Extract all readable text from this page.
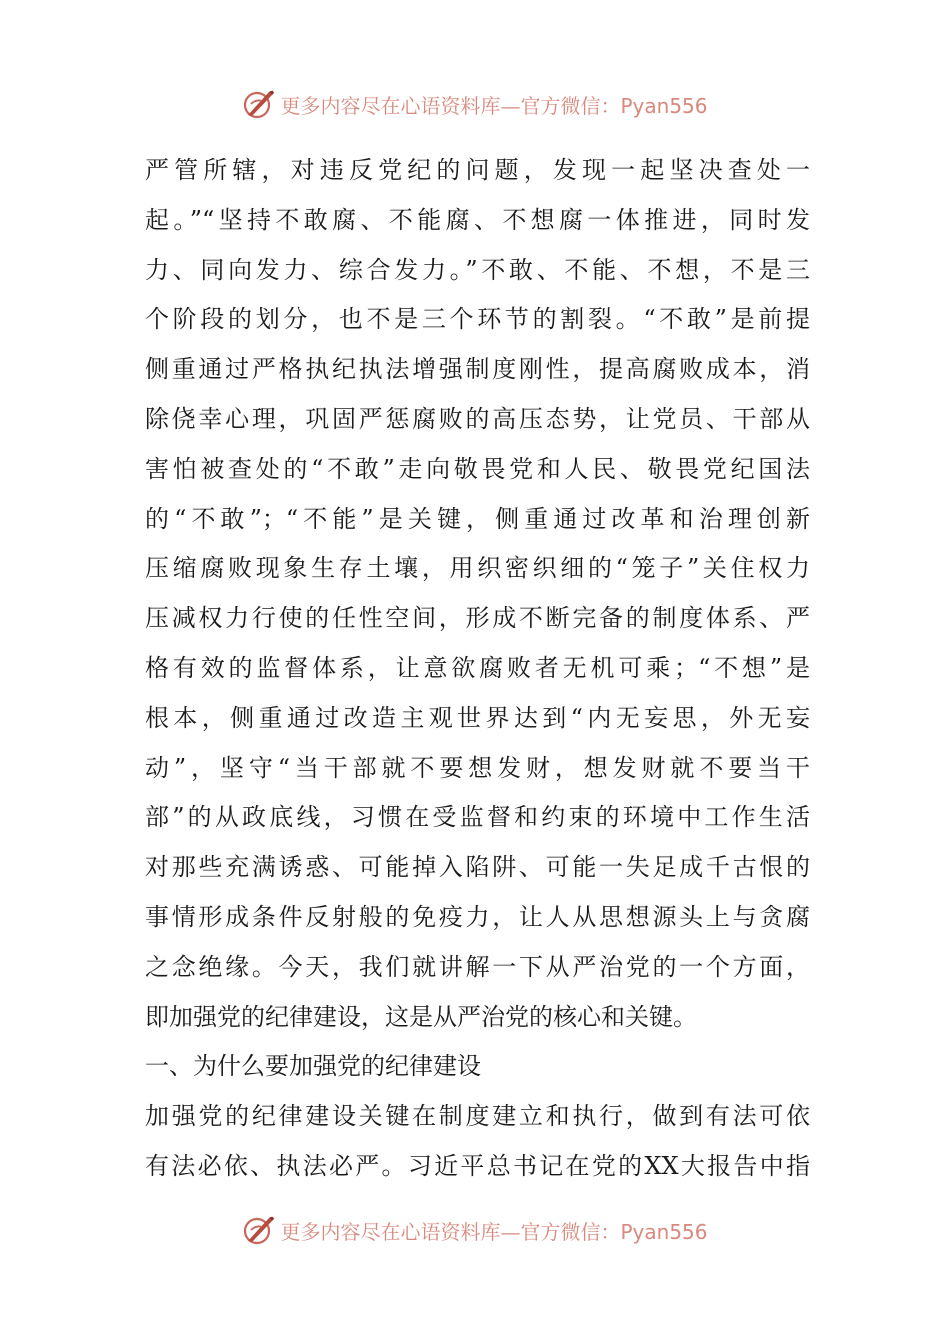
更多内容尽在心语资料库—官方微信：Pyan556
严管所辖，对违反党纪的问题，发现一起坚决查处一
起。”“坚持不敢腐、不能腐、不想腐一体推进，同时发
力、同向发力、综合发力。”不敢、不能、不想，不是三
个阶段的划分，也不是三个环节的割裂。“不敢”是前提
侧重通过严格执纪执法增强制度刚性，提高腐败成本，消
除侥幸心理，巩固严惩腐败的高压态势，让党员、干部从
害怕被查处的“不敢”走向敬畏党和人民、敬畏党纪国法
的“不敢”；“不能”是关键，侧重通过改革和治理创新
压缩腐败现象生存土壤，用织密织细的“笼子”关住权力
压减权力行使的任性空间，形成不断完备的制度体系、严
格有效的监督体系，让意欲腐败者无机可乘；“不想”是
根本，侧重通过改造主观世界达到“内无妄思，外无妄
动”，坚守“当干部就不要想发财，想发财就不要当干
部”的从政底线，习惯在受监督和约束的环境中工作生活
对那些充满诱惑、可能掉入陷阱、可能一失足成千古恨的
事情形成条件反射般的免疫力，让人从思想源头上与贪腐
之念绝缘。今天，我们就讲解一下从严治党的一个方面，
即加强党的纪律建设，这是从严治党的核心和关键。
一、为什么要加强党的纪律建设
加强党的纪律建设关键在制度建立和执行，做到有法可依
有法必依、执法必严。习近平总书记在党的XX大报告中指
更多内容尽在心语资料库—官方微信：Pyan556
